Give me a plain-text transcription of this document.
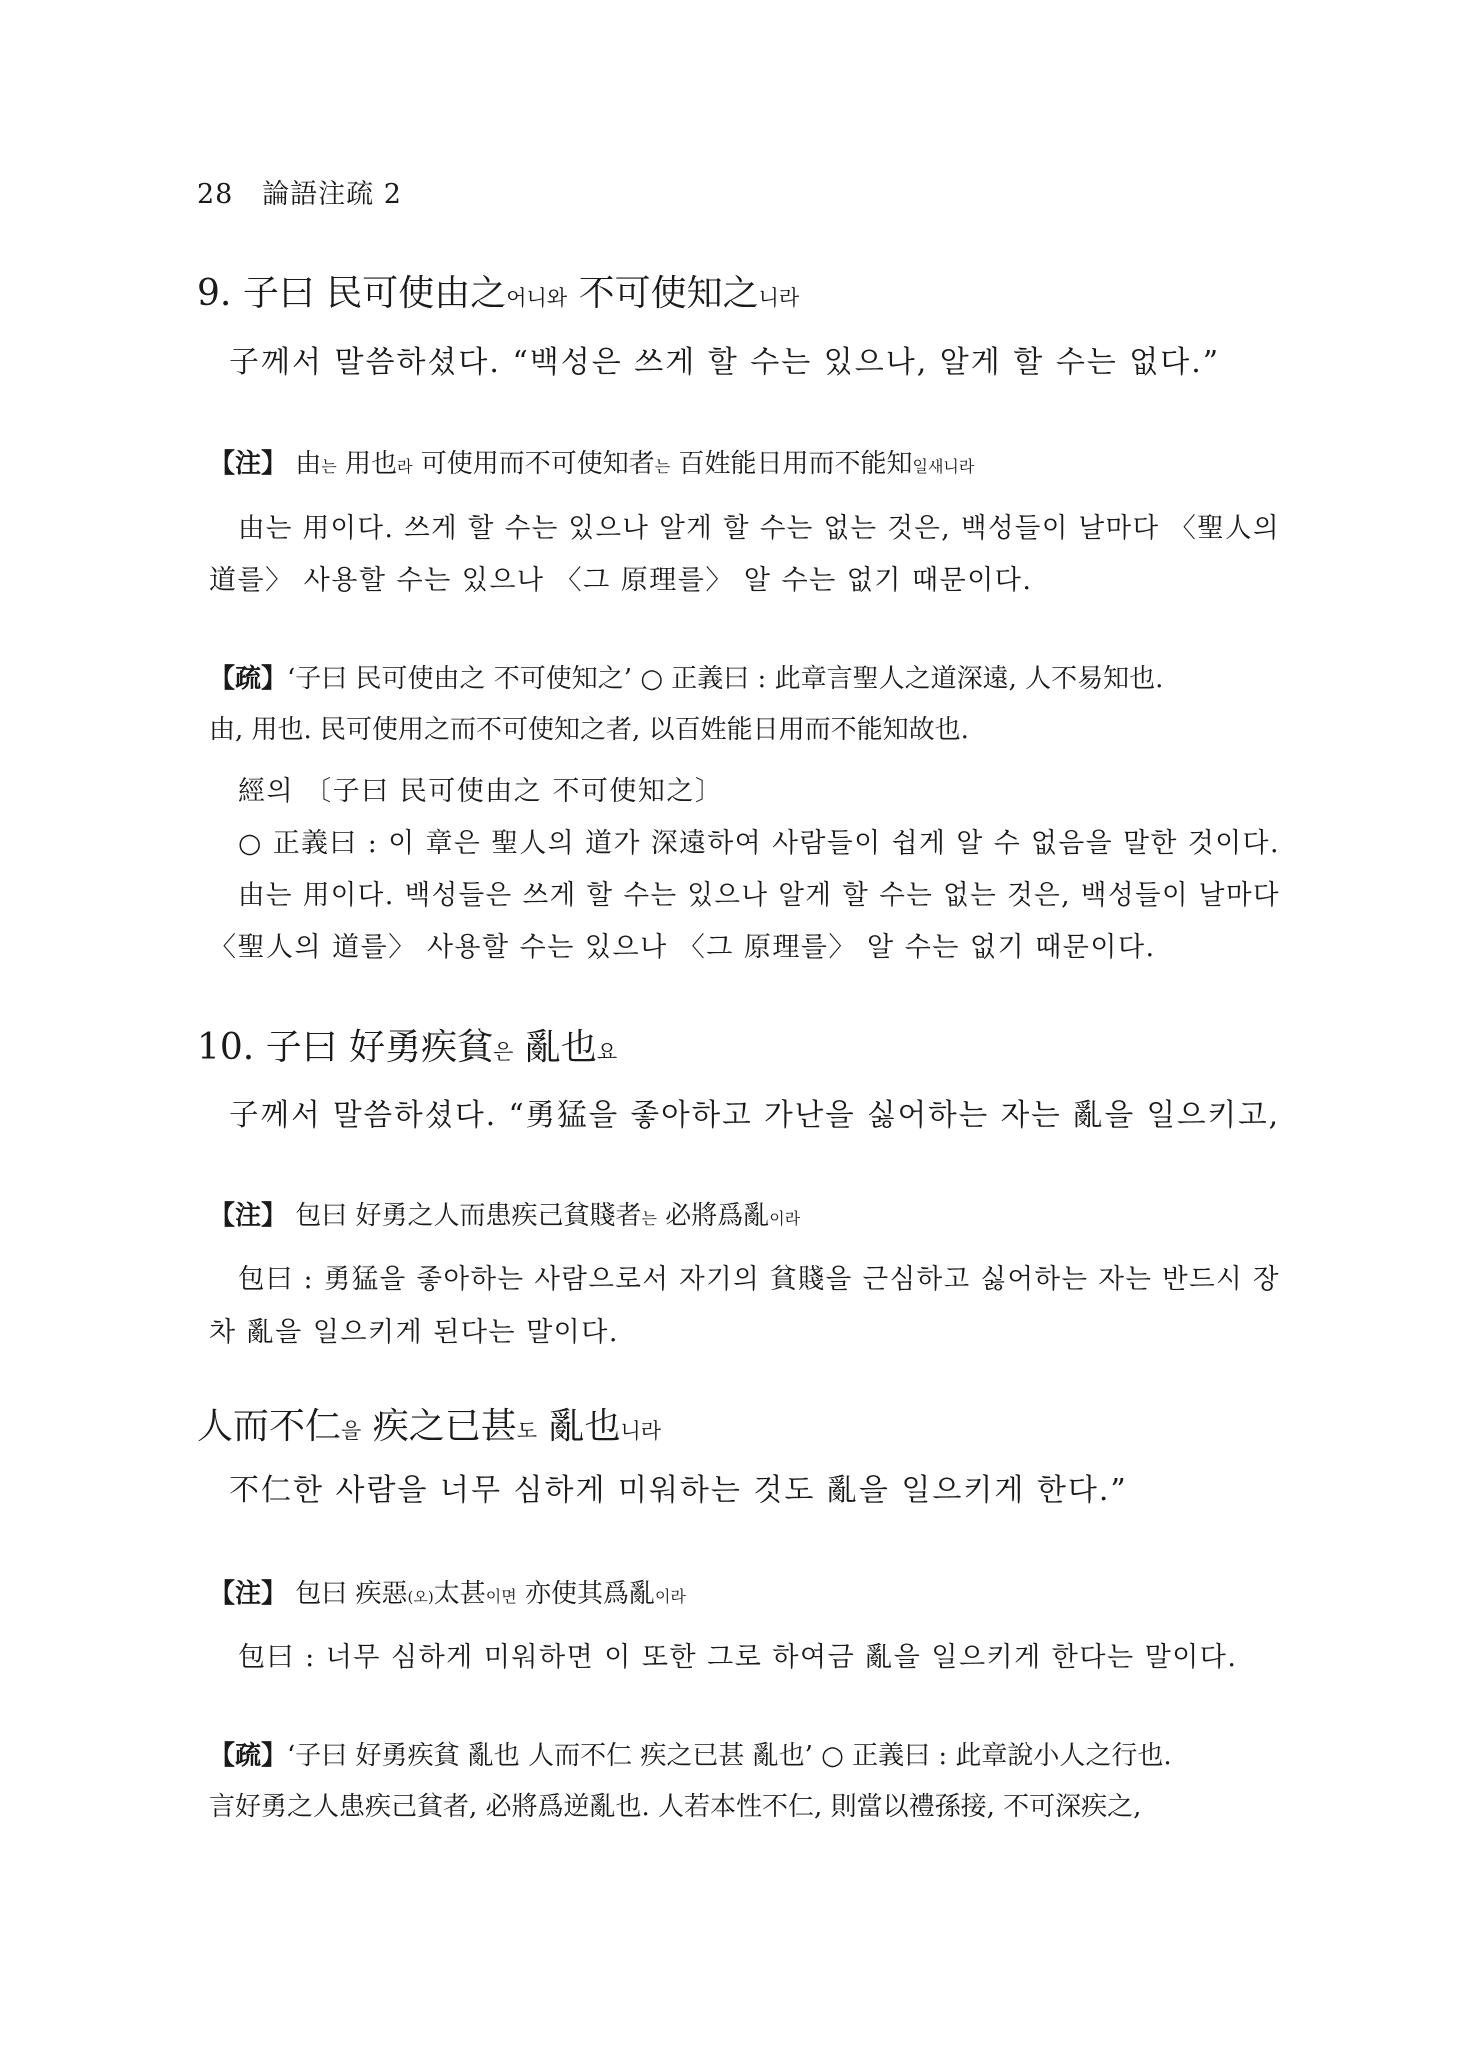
28 論語注疏 2
9. 子曰 民可使由之어니와 不可使知之니라
子께서 말씀하셨다. “백성은 쓰게 할 수는 있으나, 알게 할 수는 없다.”
【注】 由는 用也라 可使用而不可使知者는 百姓能日用而不能知일새니라
由는 用이다. 쓰게 할 수는 있으나 알게 할 수는 없는 것은, 백성들이 날마다 〈聖人의
道를〉 사용할 수는 있으나 〈그 原理를〉 알 수는 없기 때문이다.
【疏】‘子曰 民可使由之 不可使知之’ ○ 正義曰 : 此章言聖人之道深遠, 人不易知也.
由, 用也. 民可使用之而不可使知之者, 以百姓能日用而不能知故也.
經의 〔子曰 民可使由之 不可使知之〕
○ 正義曰 : 이 章은 聖人의 道가 深遠하여 사람들이 쉽게 알 수 없음을 말한 것이다.
由는 用이다. 백성들은 쓰게 할 수는 있으나 알게 할 수는 없는 것은, 백성들이 날마다
〈聖人의 道를〉 사용할 수는 있으나 〈그 原理를〉 알 수는 없기 때문이다.
10. 子曰 好勇疾貧은 亂也요
子께서 말씀하셨다. “勇猛을 좋아하고 가난을 싫어하는 자는 亂을 일으키고,
【注】 包曰 好勇之人而患疾己貧賤者는 必將爲亂이라
包曰 : 勇猛을 좋아하는 사람으로서 자기의 貧賤을 근심하고 싫어하는 자는 반드시 장
차 亂을 일으키게 된다는 말이다.
人而不仁을 疾之已甚도 亂也니라
不仁한 사람을 너무 심하게 미워하는 것도 亂을 일으키게 한다.”
【注】 包曰 疾惡(오)太甚이면 亦使其爲亂이라
包曰 : 너무 심하게 미워하면 이 또한 그로 하여금 亂을 일으키게 한다는 말이다.
【疏】‘子曰 好勇疾貧 亂也 人而不仁 疾之已甚 亂也’ ○ 正義曰 : 此章說小人之行也.
言好勇之人患疾己貧者, 必將爲逆亂也. 人若本性不仁, 則當以禮孫接, 不可深疾之,
